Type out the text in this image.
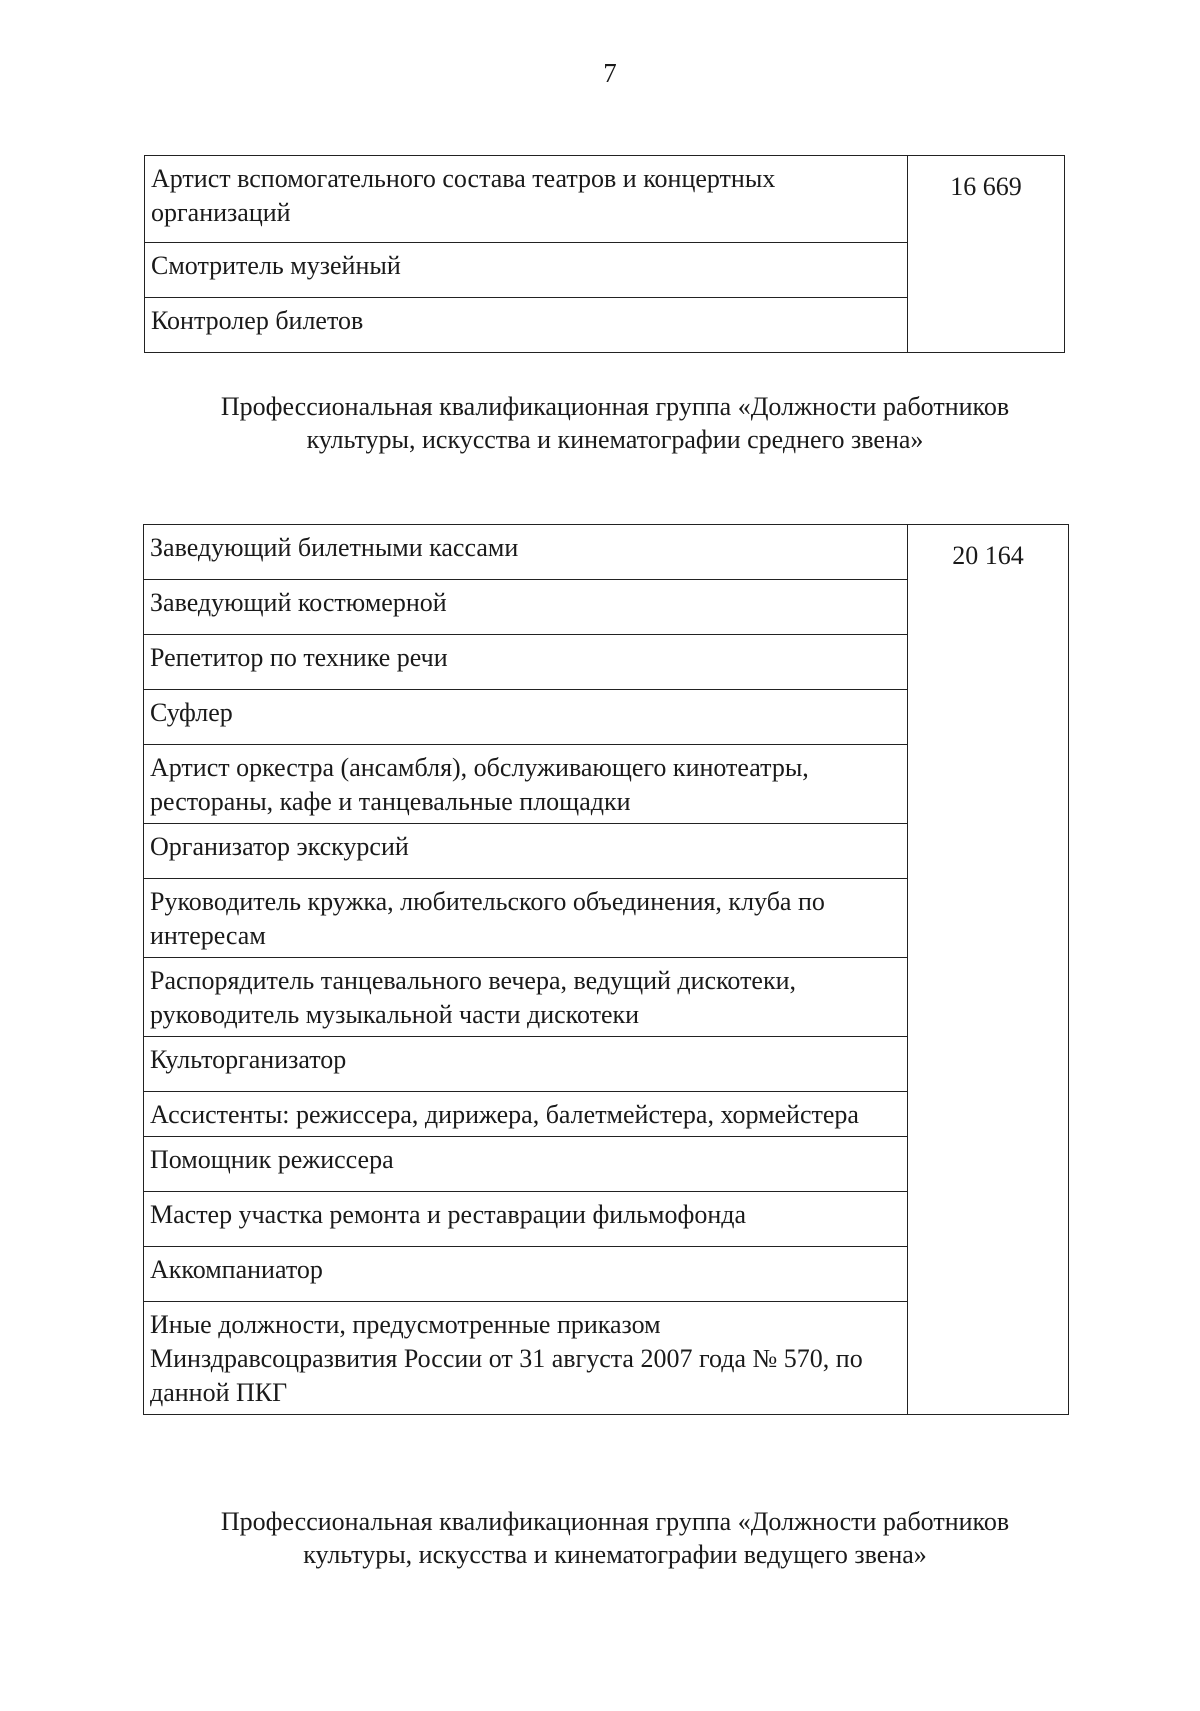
7
Артист вспомогательного состава театров и концертных организаций	16 669
Смотритель музейный
Контролер билетов
Профессиональная квалификационная группа «Должности работников культуры, искусства и кинематографии среднего звена»
Заведующий билетными кассами	20 164
Заведующий костюмерной
Репетитор по технике речи
Суфлер
Артист оркестра (ансамбля), обслуживающего кинотеатры, рестораны, кафе и танцевальные площадки
Организатор экскурсий
Руководитель кружка, любительского объединения, клуба по интересам
Распорядитель танцевального вечера, ведущий дискотеки, руководитель музыкальной части дискотеки
Культорганизатор
Ассистенты: режиссера, дирижера, балетмейстера, хормейстера
Помощник режиссера
Мастер участка ремонта и реставрации фильмофонда
Аккомпаниатор
Иные должности, предусмотренные приказом Минздравсоцразвития России от 31 августа 2007 года № 570, по данной ПКГ
Профессиональная квалификационная группа «Должности работников культуры, искусства и кинематографии ведущего звена»
